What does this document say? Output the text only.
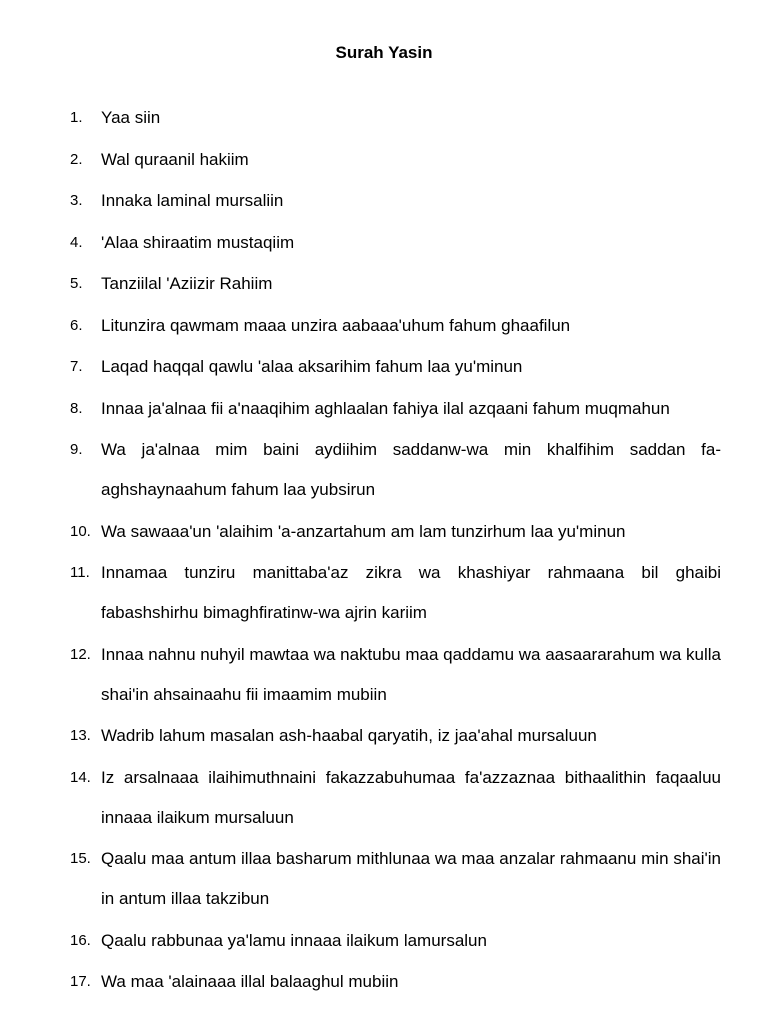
Surah Yasin
1. Yaa siin
2. Wal quraanil hakiim
3. Innaka laminal mursaliin
4. 'Alaa shiraatim mustaqiim
5. Tanziilal 'Aziizir Rahiim
6. Litunzira qawmam maaa unzira aabaaa'uhum fahum ghaafilun
7. Laqad haqqal qawlu 'alaa aksarihim fahum laa yu'minun
8. Innaa ja'alnaa fii a'naaqihim aghlaalan fahiya ilal azqaani fahum muqmahun
9. Wa ja'alnaa mim baini aydiihim saddanw-wa min khalfihim saddan fa-aghshaynaahum fahum laa yubsirun
10. Wa sawaaa'un 'alaihim 'a-anzartahum am lam tunzirhum laa yu'minun
11. Innamaa tunziru manittaba'az zikra wa khashiyar rahmaana bil ghaibi fabashshirhu bimaghfiratinw-wa ajrin kariim
12. Innaa nahnu nuhyil mawtaa wa naktubu maa qaddamu wa aasaararahum wa kulla shai'in ahsainaahu fii imaamim mubiin
13. Wadrib lahum masalan ash-haabal qaryatih, iz jaa'ahal mursaluun
14. Iz arsalnaaa ilaihimuthnaini fakazzabuhumaa fa'azzaznaa bithaalithin faqaaluu innaaa ilaikum mursaluun
15. Qaalu maa antum illaa basharum mithlunaa wa maa anzalar rahmaanu min shai'in in antum illaa takzibun
16. Qaalu rabbunaa ya'lamu innaaa ilaikum lamursalun
17. Wa maa 'alainaaa illal balaaghul mubiin
